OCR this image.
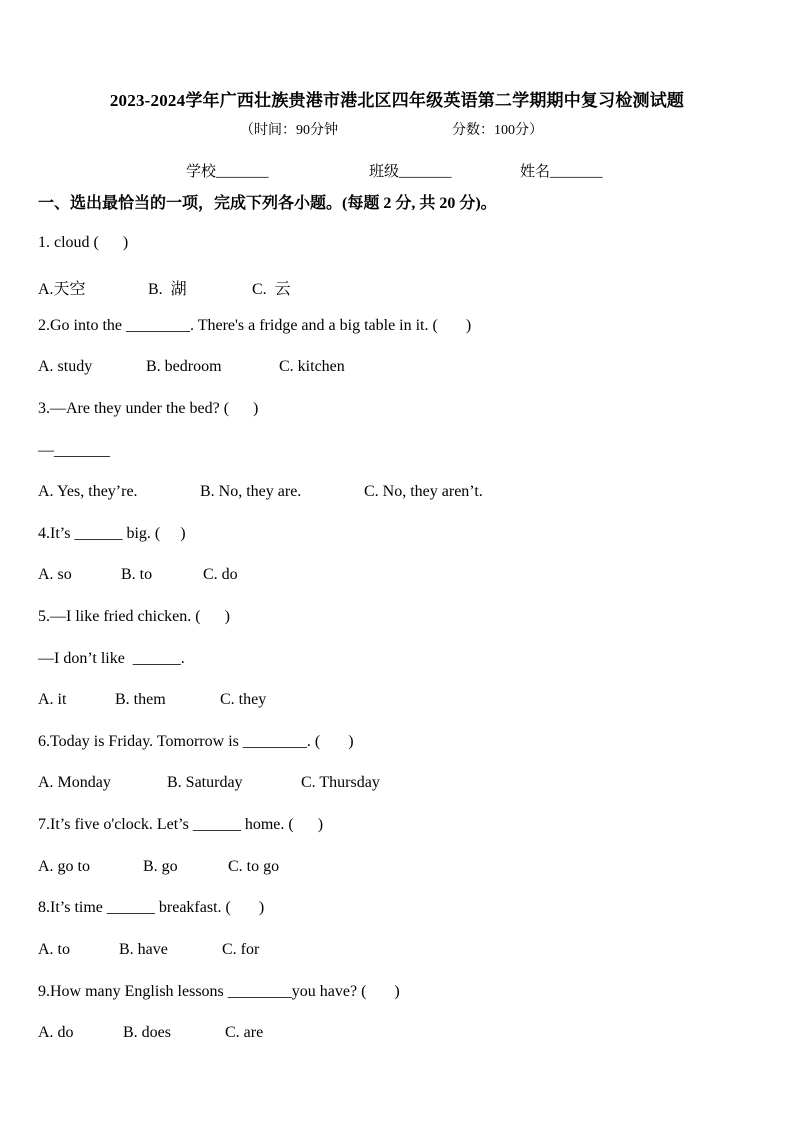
2023-2024学年广西壮族贵港市港北区四年级英语第二学期期中复习检测试题
（时间：90分钟	分数：100分）
学校_______	班级_______	姓名_______
一、选出最恰当的一项，完成下列各小题。(每题 2 分, 共 20 分)。
1. cloud (      )
A.天空	B.  湖	C.  云
2.Go into the ________. There's a fridge and a big table in it. (       )
A. study	B. bedroom	C. kitchen
3.—Are they under the bed? (      )
—_______
A. Yes, they’re.	B. No, they are.	C. No, they aren’t.
4.It’s ______ big. (     )
A. so	B. to	C. do
5.—I like fried chicken. (      )
—I don’t like  ______.
A. it	B. them	C. they
6.Today is Friday. Tomorrow is ________. (       )
A. Monday	B. Saturday	C. Thursday
7.It’s five o'clock. Let’s ______ home. (      )
A. go to	B. go	C. to go
8.It’s time ______ breakfast. (       )
A. to	B. have	C. for
9.How many English lessons ________you have? (       )
A. do	B. does	C. are
